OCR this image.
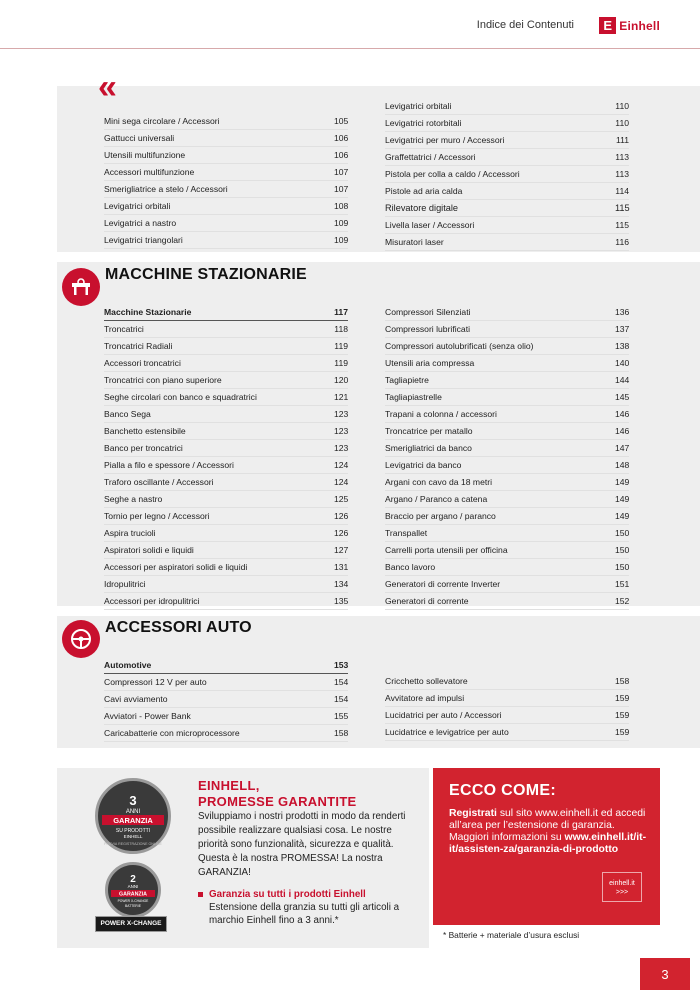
Indice dei Contenuti	E Einhell
«
Mini sega circolare / Accessori	105
Gattucci universali	106
Utensili multifunzione	106
Accessori multifunzione	107
Smerigliatrice a stelo / Accessori	107
Levigatrici orbitali	108
Levigatrici a nastro	109
Levigatrici triangolari	109
Levigatrici orbitali	110
Levigatrici rotorbitali	110
Levigatrici per muro / Accessori	111
Graffettatrici / Accessori	113
Pistola per colla a caldo / Accessori	113
Pistole ad aria calda	114
Rilevatore digitale	115
Livella laser / Accessori	115
Misuratori laser	116
MACCHINE STAZIONARIE
Macchine Stazionarie	117
Troncatrici	118
Troncatrici Radiali	119
Accessori troncatrici	119
Troncatrici con piano superiore	120
Seghe circolari con banco e squadratrici	121
Banco Sega	123
Banchetto estensibile	123
Banco per troncatrici	123
Pialla a filo e spessore / Accessori	124
Traforo oscillante / Accessori	124
Seghe a nastro	125
Tornio per legno / Accessori	126
Aspira trucioli	126
Aspiratori solidi e liquidi	127
Accessori per aspiratori solidi e liquidi	131
Idropulitrici	134
Accessori per idropulitrici	135
Compressori Silenziati	136
Compressori lubrificati	137
Compressori autolubrificati (senza olio)	138
Utensili aria compressa	140
Tagliapietre	144
Tagliapiastrelle	145
Trapani a colonna / accessori	146
Troncatrice per matallo	146
Smerigliatrici da banco	147
Levigatrici da banco	148
Argani con cavo da 18 metri	149
Argano / Paranco a catena	149
Braccio per argano / paranco	149
Transpallet	150
Carrelli porta utensili per officina	150
Banco lavoro	150
Generatori di corrente Inverter	151
Generatori di corrente	152
ACCESSORI AUTO
Automotive	153
Compressori 12 V per auto	154
Cavi avviamento	154
Avviatori - Power Bank	155
Caricabatterie con microprocessore	158
Cricchetto sollevatore	158
Avvitatore ad impulsi	159
Lucidatrici per auto / Accessori	159
Lucidatrice e levigatrice per auto	159
3
ANNI
GARANZIA
SU PRODOTTI
EINHELL
PREVIA REGISTRAZIONE ONLINE
2
ANNI
GARANZIA
POWER X-CHANGE
BATTERIE
POWER X-CHANGE
EINHELL,
PROMESSE GARANTITE
Sviluppiamo i nostri prodotti in modo da renderti possibile realizzare qualsiasi cosa. Le nostre priorità sono funzionalità, sicurezza e qualità. Questa è la nostra PROMESSA! La nostra GARANZIA!
Garanzia su tutti i prodotti Einhell
Estensione della granzia su tutti gli articoli a marchio Einhell fino a 3 anni.*
ECCO COME:
Registrati sul sito www.einhell.it ed accedi all’area per l’estensione di garanzia. Maggiori informazioni su www.einhell.it/it-it/assisten-za/garanzia-di-prodotto
einhell.it
>>>
* Batterie + materiale d’usura esclusi
3
